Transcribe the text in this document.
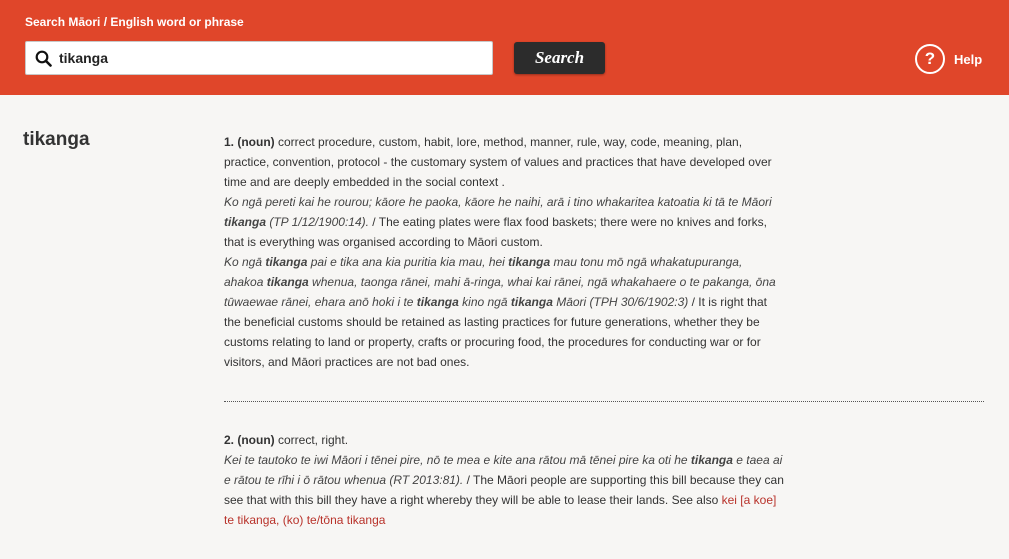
Search Māori / English word or phrase
tikanga
Search	?	Help
tikanga	1. (noun) correct procedure, custom, habit, lore, method, manner, rule, way, code, meaning, plan, practice, convention, protocol - the customary system of values and practices that have developed over time and are deeply embedded in the social context .

Ko ngā pereti kai he rourou; kāore he paoka, kāore he naihi, arā i tino whakaritea katoatia ki tā te Māori tikanga (TP 1/12/1900:14). / The eating plates were flax food baskets; there were no knives and forks, that is everything was organised according to Māori custom.

Ko ngā tikanga pai e tika ana kia puritia kia mau, hei tikanga mau tonu mō ngā whakatupuranga, ahakoa tikanga whenua, taonga rānei, mahi ā-ringa, whai kai rānei, ngā whakahaere o te pakanga, ōna tūwaewae rānei, ehara anō hoki i te tikanga kino ngā tikanga Māori (TPH 30/6/1902:3) / It is right that the beneficial customs should be retained as lasting practices for future generations, whether they be customs relating to land or property, crafts or procuring food, the procedures for conducting war or for visitors, and Māori practices are not bad ones.

2. (noun) correct, right.

Kei te tautoko te iwi Māori i tēnei pire, nō te mea e kite ana rātou mā tēnei pire ka oti he tikanga e taea ai e rātou te rīhi i ō rātou whenua (RT 2013:81). / The Māori people are supporting this bill because they can see that with this bill they have a right whereby they will be able to lease their lands. See also kei [a koe] te tikanga, (ko) te/tōna tikanga
